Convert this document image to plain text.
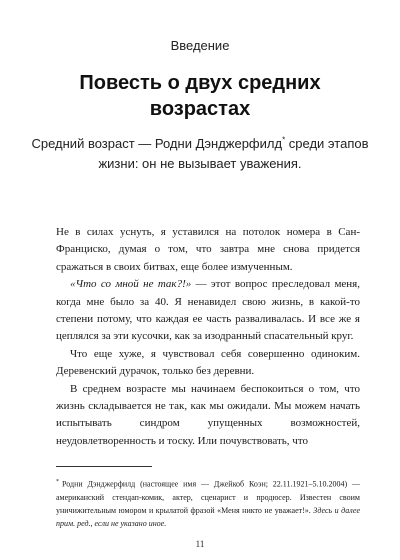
Введение
Повесть о двух средних возрастах
Средний возраст — Родни Дэнджерфилд* среди этапов жизни: он не вызывает уважения.

Не в силах уснуть, я уставился на потолок номера в Сан-Франциско, думая о том, что завтра мне снова придется сражаться в своих битвах, еще более измученным.

«Что со мной не так?!» — этот вопрос преследовал меня, когда мне было за 40. Я ненавидел свою жизнь, в какой-то степени потому, что каждая ее часть разваливалась. И все же я цеплялся за эти кусочки, как за изодранный спасательный круг.

Что еще хуже, я чувствовал себя совершенно одиноким. Деревенский дурачок, только без деревни.

В среднем возрасте мы начинаем беспокоиться о том, что жизнь складывается не так, как мы ожидали. Мы можем начать испытывать синдром упущенных возможностей, неудовлетворенность и тоску. Или почувствовать, что

* Родни Дэнджерфилд (настоящее имя — Джейкоб Коэн; 22.11.1921–5.10.2004) — американский стендап-комик, актер, сценарист и продюсер. Известен своим уничижительным юмором и крылатой фразой «Меня никто не уважает!». Здесь и далее прим. ред., если не указано иное.
11
